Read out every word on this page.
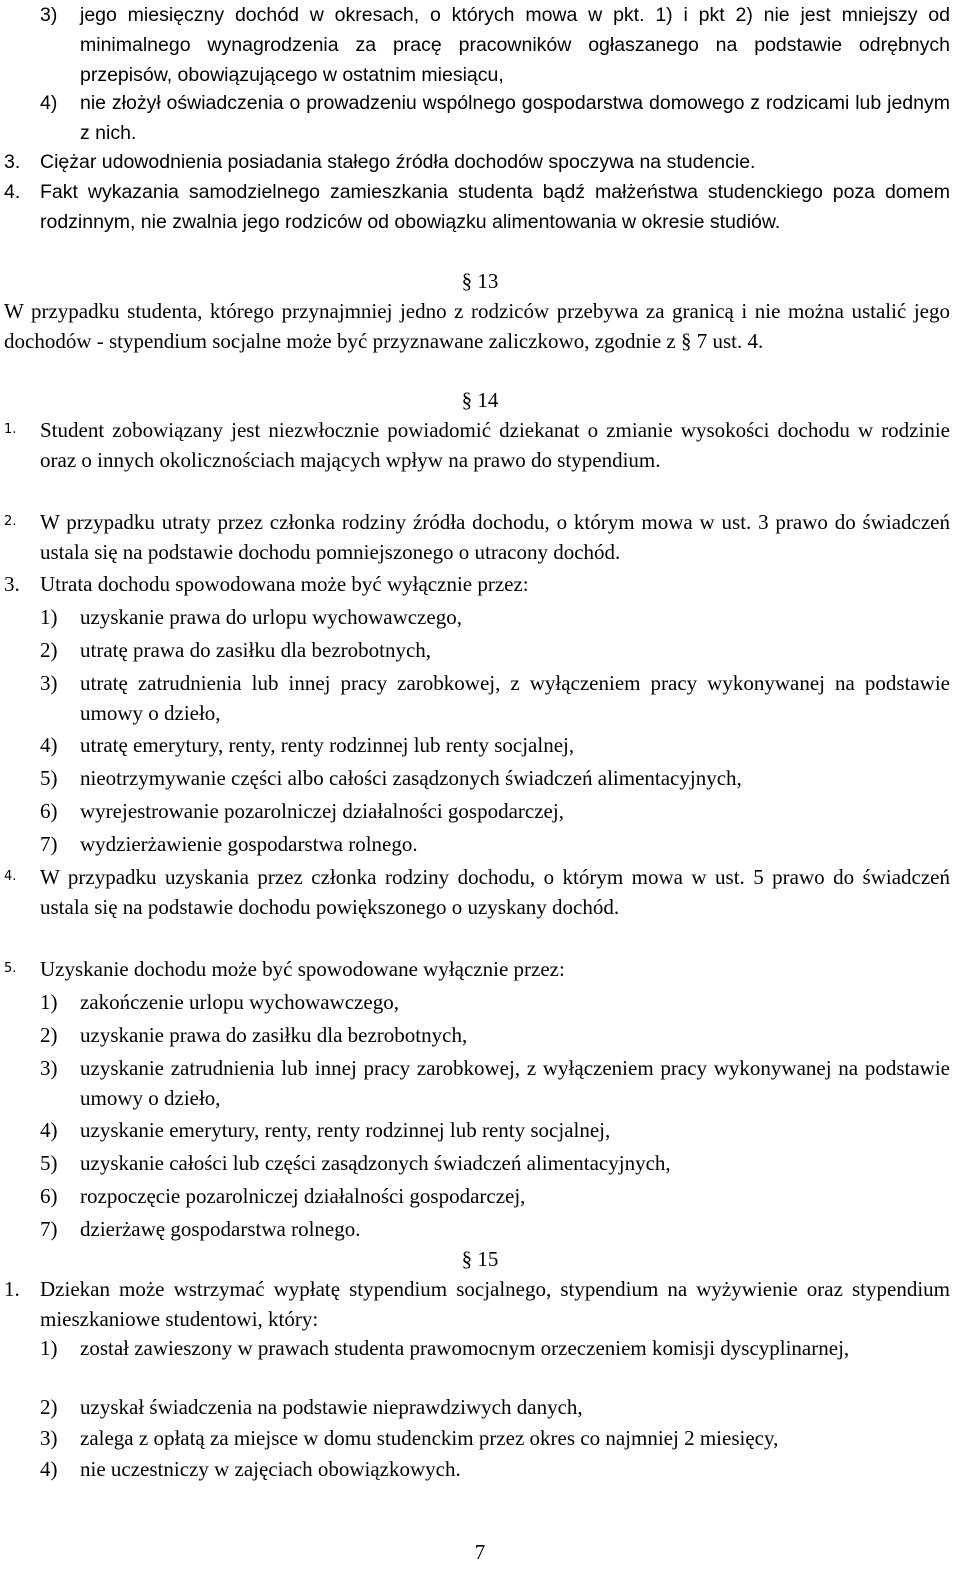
3)	jego miesięczny dochód w okresach, o których mowa w pkt. 1) i pkt 2) nie jest mniejszy od minimalnego wynagrodzenia za pracę pracowników ogłaszanego na podstawie odrębnych przepisów, obowiązującego w ostatnim miesiącu,
4)	nie złożył oświadczenia o prowadzeniu wspólnego gospodarstwa domowego z rodzicami lub jednym z nich.
3.	Ciężar udowodnienia posiadania stałego źródła dochodów spoczywa na studencie.
4.	Fakt wykazania samodzielnego zamieszkania studenta bądź małżeństwa studenckiego poza domem rodzinnym, nie zwalnia jego rodziców od obowiązku alimentowania w okresie studiów.
§ 13
W przypadku studenta, którego przynajmniej jedno z rodziców przebywa za granicą i nie można ustalić jego dochodów - stypendium socjalne może być przyznawane zaliczkowo, zgodnie z § 7 ust. 4.
§ 14
1.	Student zobowiązany jest niezwłocznie powiadomić dziekanat o zmianie wysokości dochodu w rodzinie oraz o innych okolicznościach mających wpływ na prawo do stypendium.
2.	W przypadku utraty przez członka rodziny źródła dochodu, o którym mowa w ust. 3 prawo do świadczeń ustala się na podstawie dochodu pomniejszonego o utracony dochód.
3. Utrata dochodu spowodowana może być wyłącznie przez:
1)	uzyskanie prawa do urlopu wychowawczego,
2)	utratę prawa do zasiłku dla bezrobotnych,
3)	utratę zatrudnienia lub innej pracy zarobkowej, z wyłączeniem pracy wykonywanej na podstawie umowy o dzieło,
4)	utratę emerytury, renty, renty rodzinnej lub renty socjalnej,
5)	nieotrzymywanie części albo całości zasądzonych świadczeń alimentacyjnych,
6)	wyrejestrowanie pozarolniczej działalności gospodarczej,
7)	wydzierżawienie gospodarstwa rolnego.
4.	W przypadku uzyskania przez członka rodziny dochodu, o którym mowa w ust. 5 prawo do świadczeń ustala się na podstawie dochodu powiększonego o uzyskany dochód.
5.	Uzyskanie dochodu może być spowodowane wyłącznie przez:
1)	zakończenie urlopu wychowawczego,
2)	uzyskanie prawa do zasiłku dla bezrobotnych,
3)	uzyskanie zatrudnienia lub innej pracy zarobkowej, z wyłączeniem pracy wykonywanej na podstawie umowy o dzieło,
4)	uzyskanie emerytury, renty, renty rodzinnej lub renty socjalnej,
5)	uzyskanie całości lub części zasądzonych świadczeń alimentacyjnych,
6)	rozpoczęcie pozarolniczej działalności gospodarczej,
7)	dzierżawę gospodarstwa rolnego.
§ 15
1. Dziekan może wstrzymać wypłatę stypendium socjalnego, stypendium na wyżywienie oraz stypendium mieszkaniowe studentowi, który:
1)	został zawieszony w prawach studenta prawomocnym orzeczeniem komisji dyscyplinarnej,
2)	uzyskał świadczenia na podstawie nieprawdziwych danych,
3)	zalega z opłatą za miejsce w domu studenckim przez okres co najmniej 2 miesięcy,
4)	nie uczestniczy w zajęciach obowiązkowych.
7
